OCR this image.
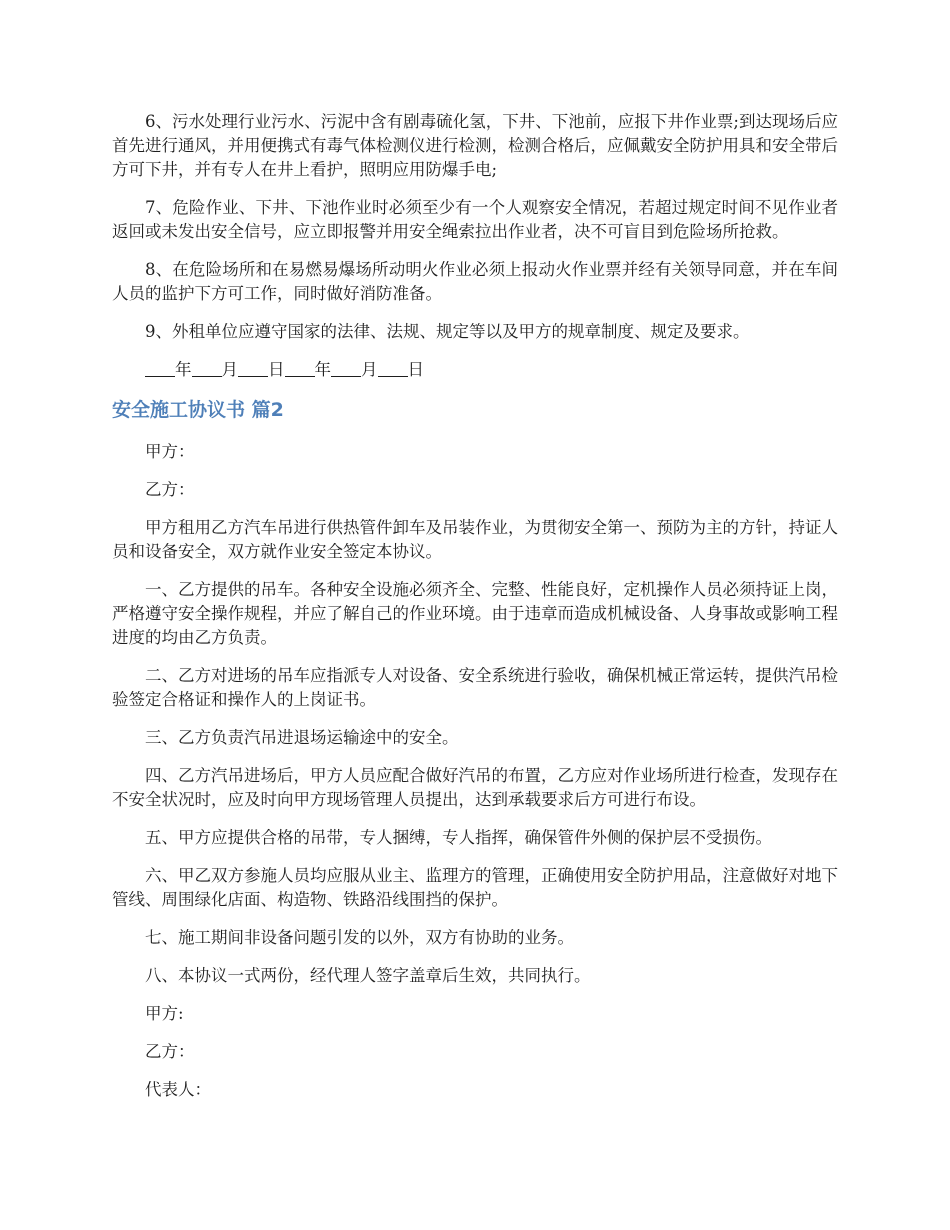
6、污水处理行业污水、污泥中含有剧毒硫化氢，下井、下池前，应报下井作业票;到达现场后应首先进行通风，并用便携式有毒气体检测仪进行检测，检测合格后，应佩戴安全防护用具和安全带后方可下井，并有专人在井上看护，照明应用防爆手电;

7、危险作业、下井、下池作业时必须至少有一个人观察安全情况，若超过规定时间不见作业者返回或未发出安全信号，应立即报警并用安全绳索拉出作业者，决不可盲目到危险场所抢救。

8、在危险场所和在易燃易爆场所动明火作业必须上报动火作业票并经有关领导同意，并在车间人员的监护下方可工作，同时做好消防准备。

9、外租单位应遵守国家的法律、法规、规定等以及甲方的规章制度、规定及要求。

年 月 日 年 月 日

安全施工协议书 篇2

甲方：

乙方：

甲方租用乙方汽车吊进行供热管件卸车及吊装作业，为贯彻安全第一、预防为主的方针，持证人员和设备安全，双方就作业安全签定本协议。

一、乙方提供的吊车。各种安全设施必须齐全、完整、性能良好，定机操作人员必须持证上岗，严格遵守安全操作规程，并应了解自己的作业环境。由于违章而造成机械设备、人身事故或影响工程进度的均由乙方负责。

二、乙方对进场的吊车应指派专人对设备、安全系统进行验收，确保机械正常运转，提供汽吊检验签定合格证和操作人的上岗证书。

三、乙方负责汽吊进退场运输途中的安全。

四、乙方汽吊进场后，甲方人员应配合做好汽吊的布置，乙方应对作业场所进行检查，发现存在不安全状况时，应及时向甲方现场管理人员提出，达到承载要求后方可进行布设。

五、甲方应提供合格的吊带，专人捆缚，专人指挥，确保管件外侧的保护层不受损伤。

六、甲乙双方参施人员均应服从业主、监理方的管理，正确使用安全防护用品，注意做好对地下管线、周围绿化店面、构造物、铁路沿线围挡的保护。

七、施工期间非设备问题引发的以外，双方有协助的业务。

八、本协议一式两份，经代理人签字盖章后生效，共同执行。

甲方:

乙方：

代表人：
